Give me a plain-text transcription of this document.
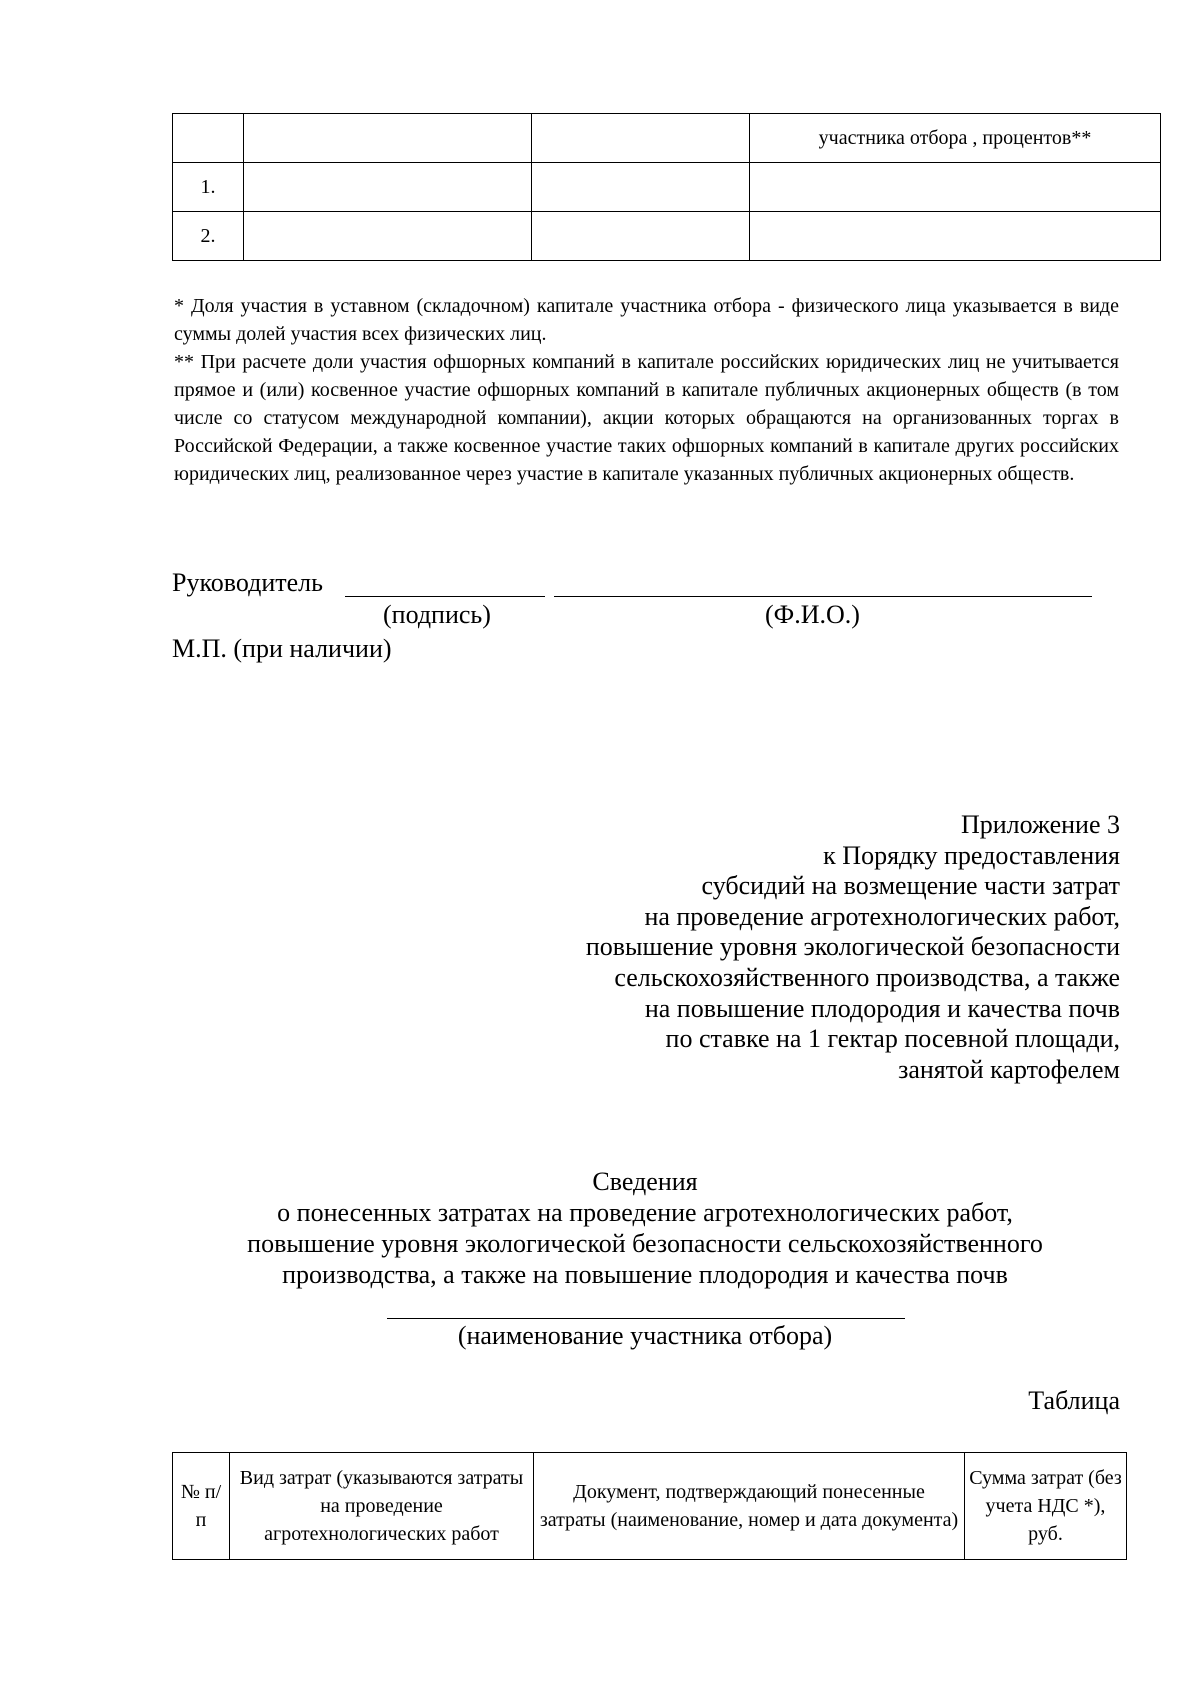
			участника отбора , процентов**
1.			
2.			

* Доля участия в уставном (складочном) капитале участника отбора - физического лица указывается в виде суммы долей участия всех физических лиц.

** При расчете доли участия офшорных компаний в капитале российских юридических лиц не учитывается прямое и (или) косвенное участие офшорных компаний в капитале публичных акционерных обществ (в том числе со статусом международной компании), акции которых обращаются на организованных торгах в Российской Федерации, а также косвенное участие таких офшорных компаний в капитале других российских юридических лиц, реализованное через участие в капитале указанных публичных акционерных обществ.

Руководитель
(подпись)	(Ф.И.О.)
М.П. (при наличии)
Приложение 3
к Порядку предоставления
субсидий на возмещение части затрат
на проведение агротехнологических работ,
повышение уровня экологической безопасности
сельскохозяйственного производства, а также
на повышение плодородия и качества почв
по ставке на 1 гектар посевной площади,
занятой картофелем
Сведения
о понесенных затратах на проведение агротехнологических работ,
повышение уровня экологической безопасности сельскохозяйственного
производства, а также на повышение плодородия и качества почв
(наименование участника отбора)
Таблица
№ п/п	Вид затрат (указываются затраты на проведение агротехнологических работ	Документ, подтверждающий понесенные затраты (наименование, номер и дата документа)	Сумма затрат (без учета НДС *), руб.
